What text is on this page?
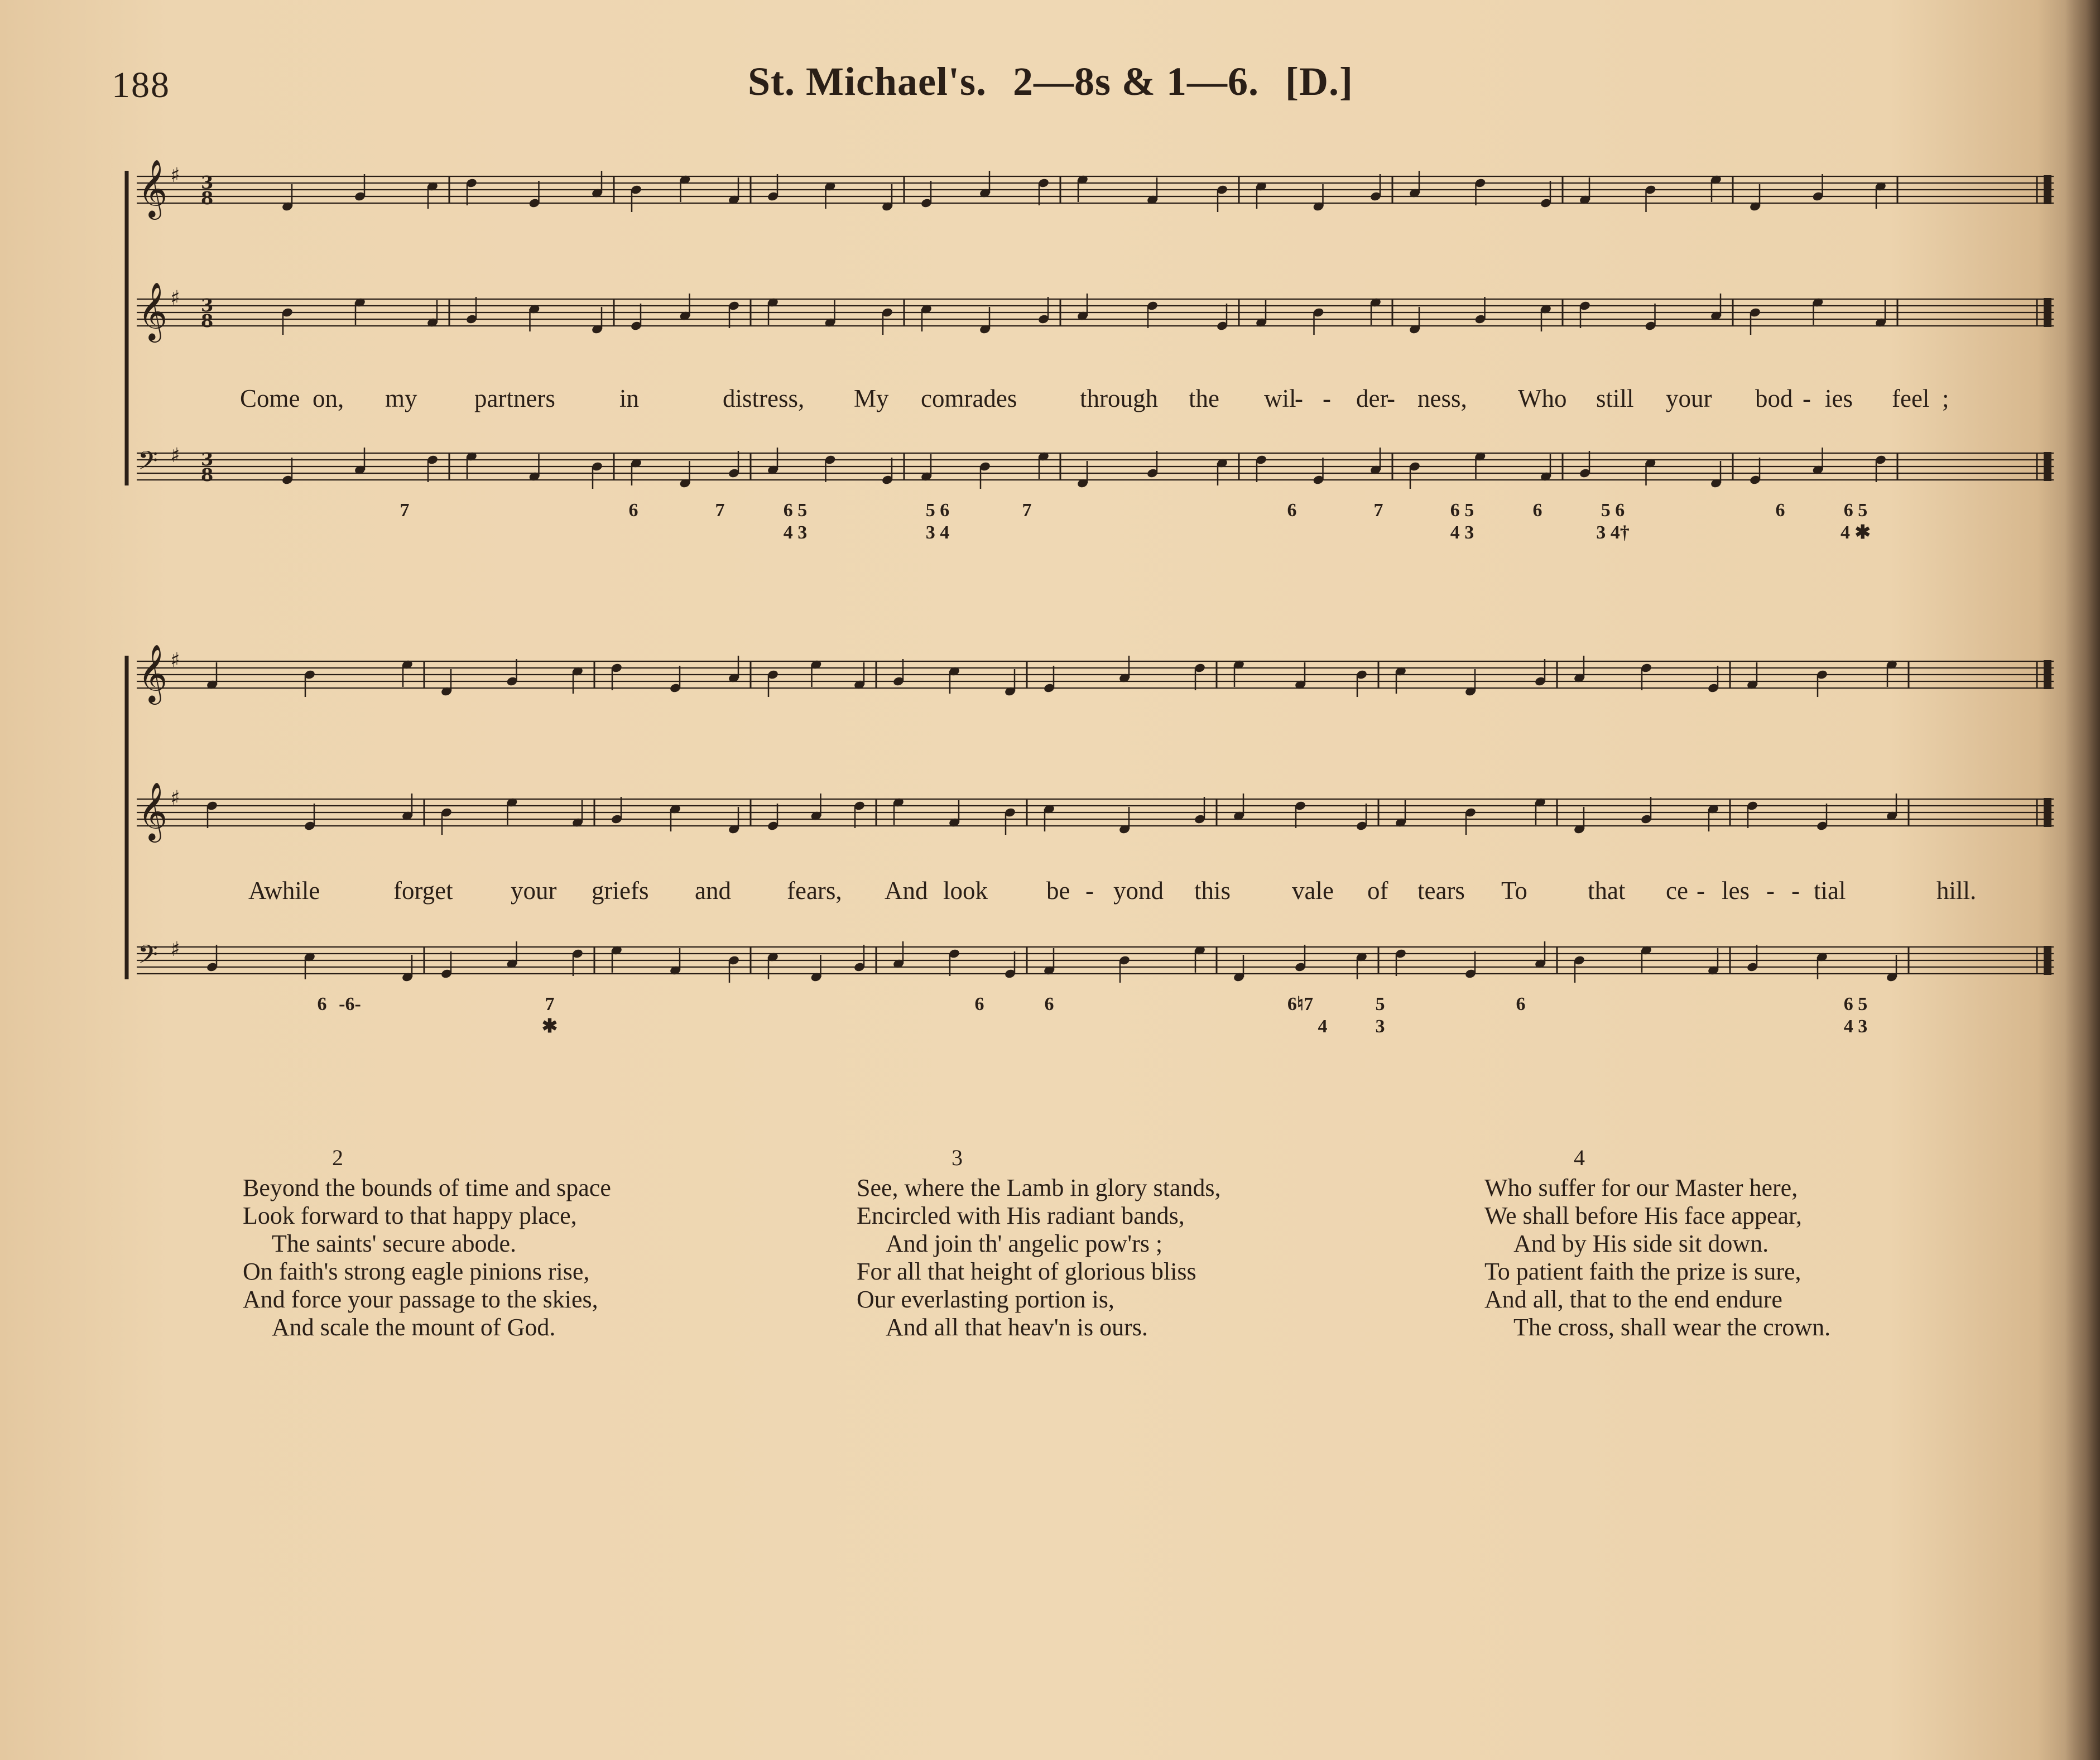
188	St. Michael's. 2—8s & 1—6. [D.]
𝄞 ♯ 3
8
𝄞 ♯ 3
8
𝄢 ♯ 3
8
7	6	7	6 5	5 6	7	6	7	6 5	6	5 6	6	6 5
4 3	3 4	4 3	3 4†	4 ✱
𝄞 ♯
𝄞 ♯
𝄢 ♯
6 -6-	7	6	6	6♮7	5	6	6 5
✱	4	3	4 3
Come on, my partners	in	distress, My comrades	through the wil
- - der
- ness, Who still your bod - ies feel ;
Awhile	forget your griefs and fears, And look be - yond this vale of tears To that ce - les - - tial	hill.
2
Beyond the bounds of time and space
Look forward to that happy place,
The saints' secure abode.
On faith's strong eagle pinions rise,
And force your passage to the skies,
And scale the mount of God.
3
See, where the Lamb in glory stands,
Encircled with His radiant bands,
And join th' angelic pow'rs ;
For all that height of glorious bliss
Our everlasting portion is,
And all that heav'n is ours.
4
Who suffer for our Master here,
We shall before His face appear,
And by His side sit down.
To patient faith the prize is sure,
And all, that to the end endure
The cross, shall wear the crown.
